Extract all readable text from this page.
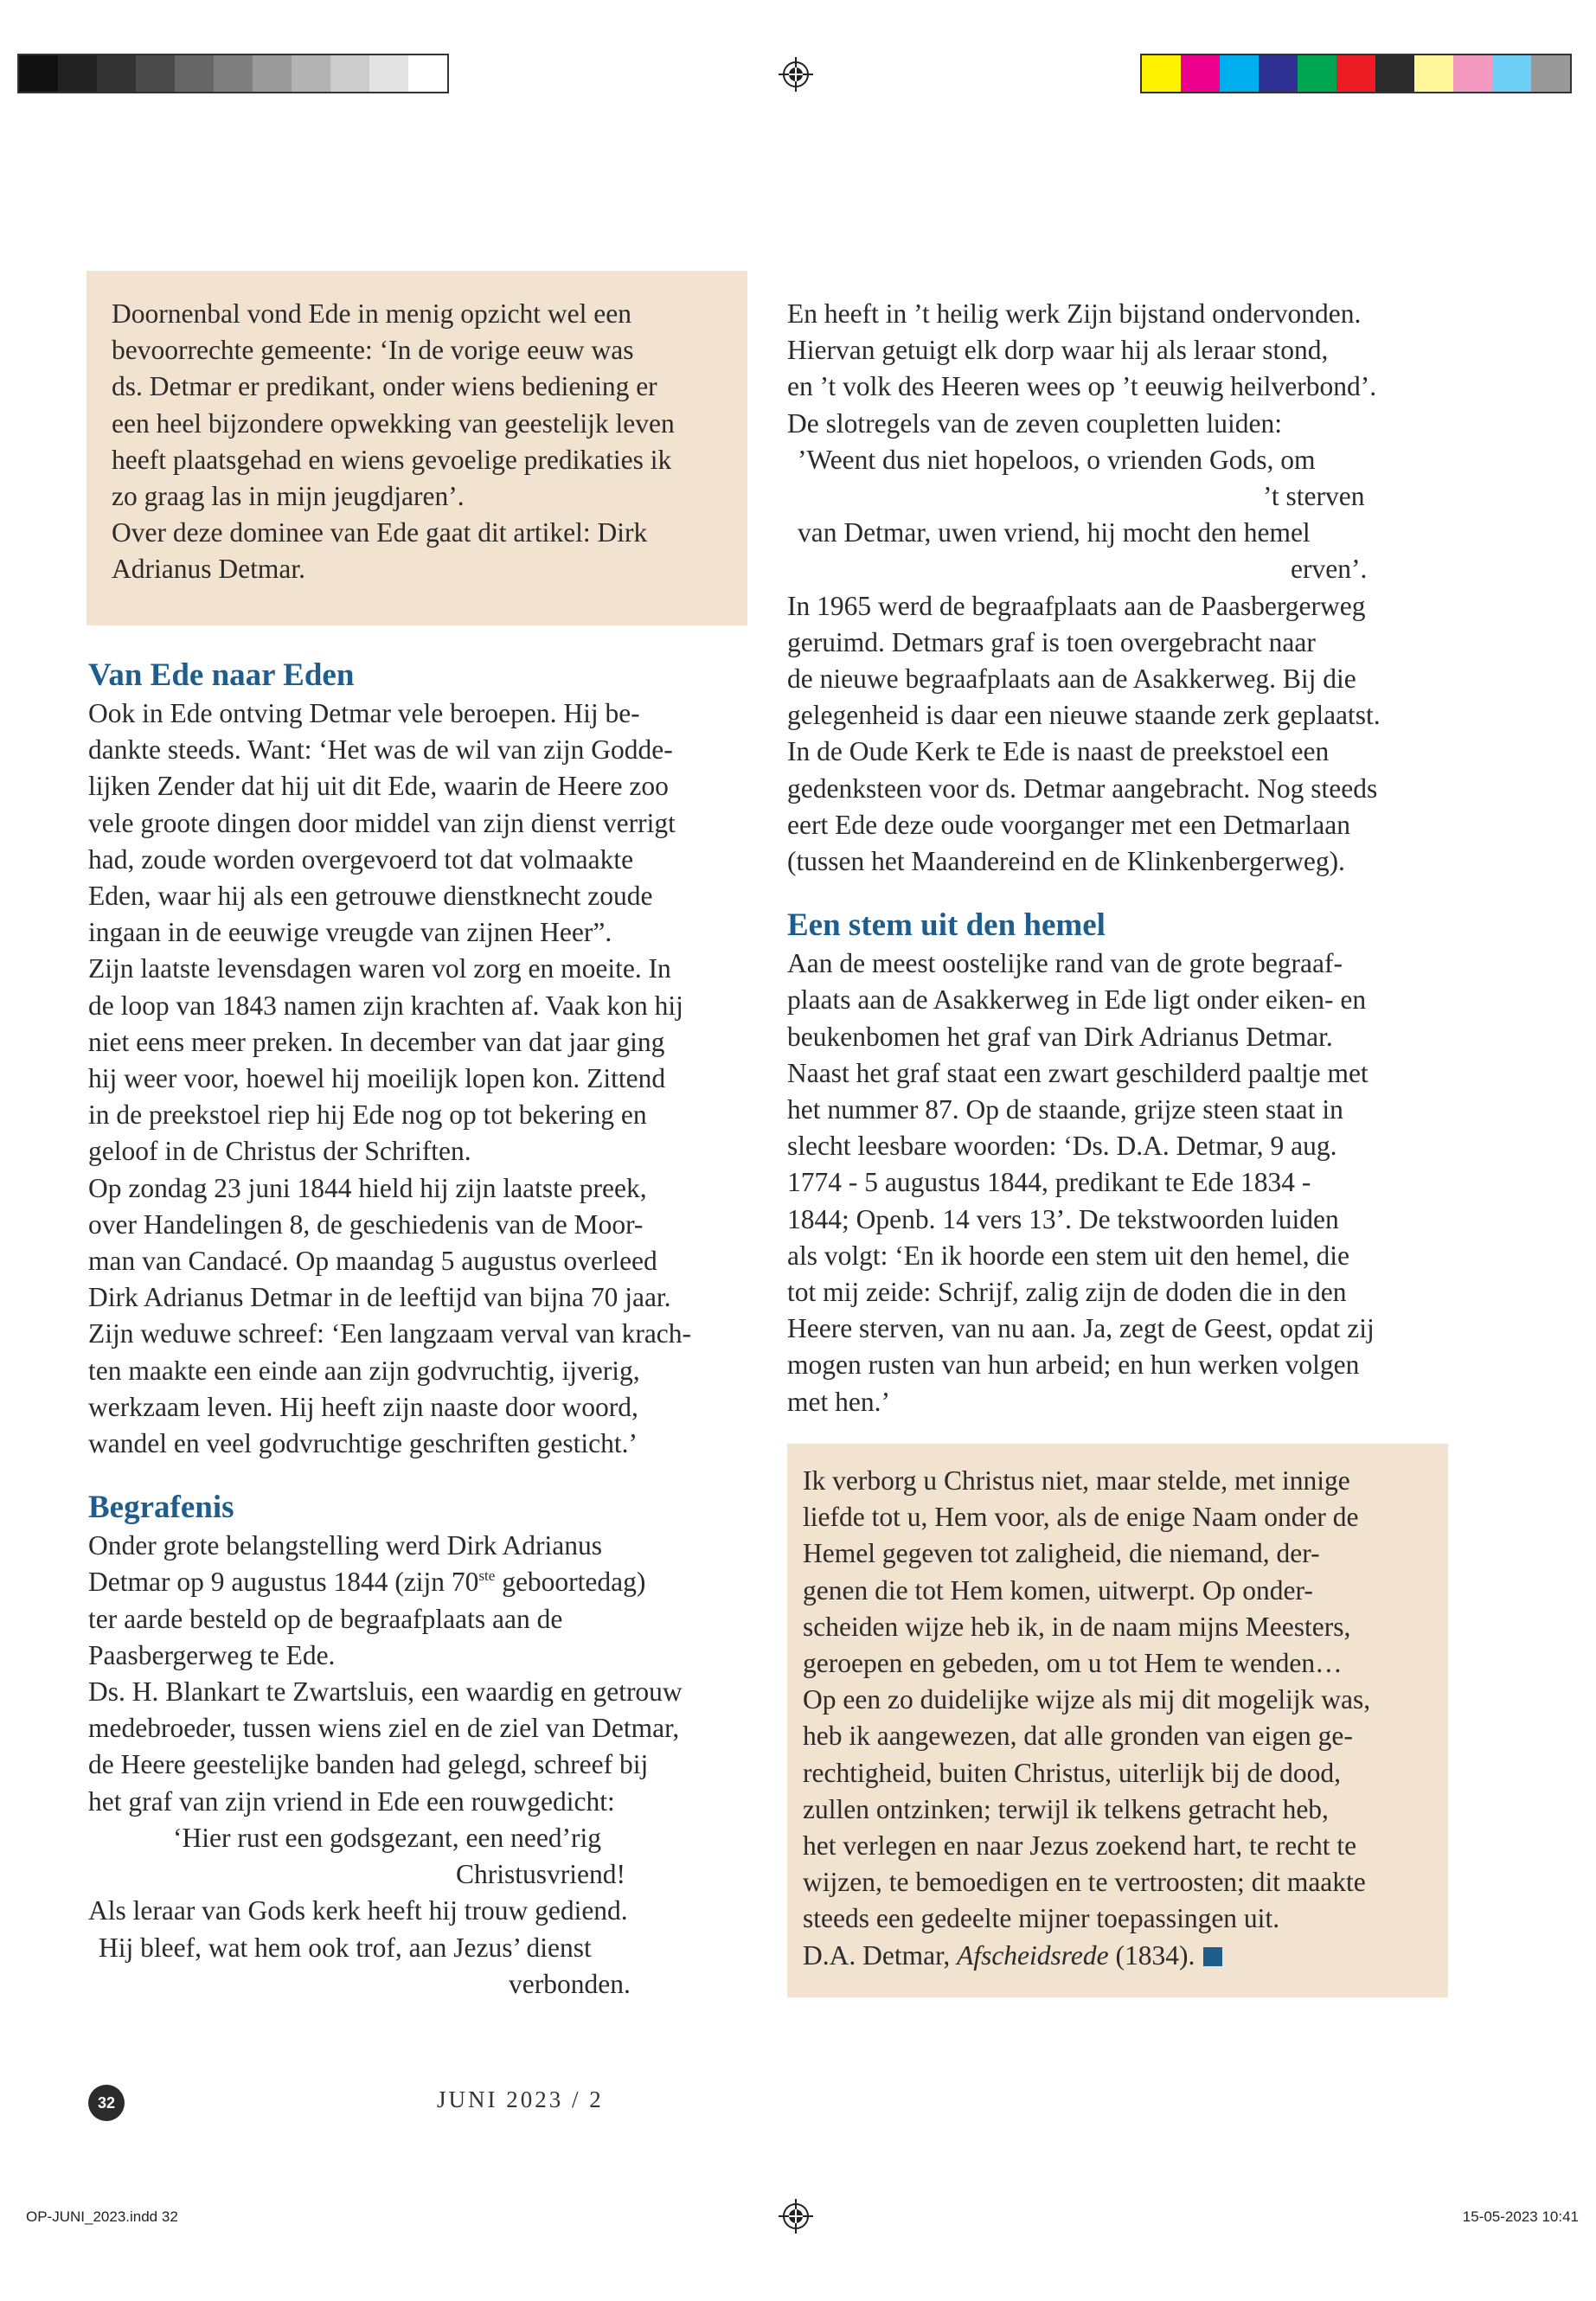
Doornenbal vond Ede in menig opzicht wel een

bevoorrechte gemeente: ‘In de vorige eeuw was

ds. Detmar er predikant, onder wiens bediening er

een heel bijzondere opwekking van geestelijk leven

heeft plaatsgehad en wiens gevoelige predikaties ik

zo graag las in mijn jeugdjaren’.

Over deze dominee van Ede gaat dit artikel: Dirk

Adrianus Detmar.

Van Ede naar Eden

Ook in Ede ontving Detmar vele beroepen. Hij be-

dankte steeds. Want: ‘Het was de wil van zijn Godde-

lijken Zender dat hij uit dit Ede, waarin de Heere zoo

vele groote dingen door middel van zijn dienst verrigt

had, zoude worden overgevoerd tot dat volmaakte

Eden, waar hij als een getrouwe dienstknecht zoude

ingaan in de eeuwige vreugde van zijnen Heer”.

Zijn laatste levensdagen waren vol zorg en moeite. In

de loop van 1843 namen zijn krachten af. Vaak kon hij

niet eens meer preken. In december van dat jaar ging

hij weer voor, hoewel hij moeilijk lopen kon. Zittend

in de preekstoel riep hij Ede nog op tot bekering en

geloof in de Christus der Schriften.

Op zondag 23 juni 1844 hield hij zijn laatste preek,

over Handelingen 8, de geschiedenis van de Moor-

man van Candacé. Op maandag 5 augustus overleed

Dirk Adrianus Detmar in de leeftijd van bijna 70 jaar.

Zijn weduwe schreef: ‘Een langzaam verval van krach-

ten maakte een einde aan zijn godvruchtig, ijverig,

werkzaam leven. Hij heeft zijn naaste door woord,

wandel en veel godvruchtige geschriften gesticht.’

Begrafenis

Onder grote belangstelling werd Dirk Adrianus

Detmar op 9 augustus 1844 (zijn 70ste geboortedag)

ter aarde besteld op de begraafplaats aan de

Paasbergerweg te Ede.

Ds. H. Blankart te Zwartsluis, een waardig en getrouw

medebroeder, tussen wiens ziel en de ziel van Detmar,

de Heere geestelijke banden had gelegd, schreef bij

het graf van zijn vriend in Ede een rouwgedicht:

‘Hier rust een godsgezant, een need’rig

Christusvriend!

Als leraar van Gods kerk heeft hij trouw gediend.

Hij bleef, wat hem ook trof, aan Jezus’ dienst

verbonden.

En heeft in ’t heilig werk Zijn bijstand ondervonden.

Hiervan getuigt elk dorp waar hij als leraar stond,

en ’t volk des Heeren wees op ’t eeuwig heilverbond’.

De slotregels van de zeven coupletten luiden:

’Weent dus niet hopeloos, o vrienden Gods, om

’t sterven

van Detmar, uwen vriend, hij mocht den hemel

erven’.

In 1965 werd de begraafplaats aan de Paasbergerweg

geruimd. Detmars graf is toen overgebracht naar

de nieuwe begraafplaats aan de Asakkerweg. Bij die

gelegenheid is daar een nieuwe staande zerk geplaatst.

In de Oude Kerk te Ede is naast de preekstoel een

gedenksteen voor ds. Detmar aangebracht. Nog steeds

eert Ede deze oude voorganger met een Detmarlaan

(tussen het Maandereind en de Klinkenbergerweg).

Een stem uit den hemel

Aan de meest oostelijke rand van de grote begraaf-

plaats aan de Asakkerweg in Ede ligt onder eiken- en

beukenbomen het graf van Dirk Adrianus Detmar.

Naast het graf staat een zwart geschilderd paaltje met

het nummer 87. Op de staande, grijze steen staat in

slecht leesbare woorden: ‘Ds. D.A. Detmar, 9 aug.

1774 - 5 augustus 1844, predikant te Ede 1834 -

1844; Openb. 14 vers 13’. De tekstwoorden luiden

als volgt: ‘En ik hoorde een stem uit den hemel, die

tot mij zeide: Schrijf, zalig zijn de doden die in den

Heere sterven, van nu aan. Ja, zegt de Geest, opdat zij

mogen rusten van hun arbeid; en hun werken volgen

met hen.’

Ik verborg u Christus niet, maar stelde, met innige

liefde tot u, Hem voor, als de enige Naam onder de

Hemel gegeven tot zaligheid, die niemand, der-

genen die tot Hem komen, uitwerpt. Op onder-

scheiden wijze heb ik, in de naam mijns Meesters,

geroepen en gebeden, om u tot Hem te wenden…

Op een zo duidelijke wijze als mij dit mogelijk was,

heb ik aangewezen, dat alle gronden van eigen ge-

rechtigheid, buiten Christus, uiterlijk bij de dood,

zullen ontzinken; terwijl ik telkens getracht heb,

het verlegen en naar Jezus zoekend hart, te recht te

wijzen, te bemoedigen en te vertroosten; dit maakte

steeds een gedeelte mijner toepassingen uit.

D.A. Detmar, Afscheidsrede (1834).

32	JUNI 2023 / 2
OP-JUNI_2023.indd 32	15-05-2023 10:41
